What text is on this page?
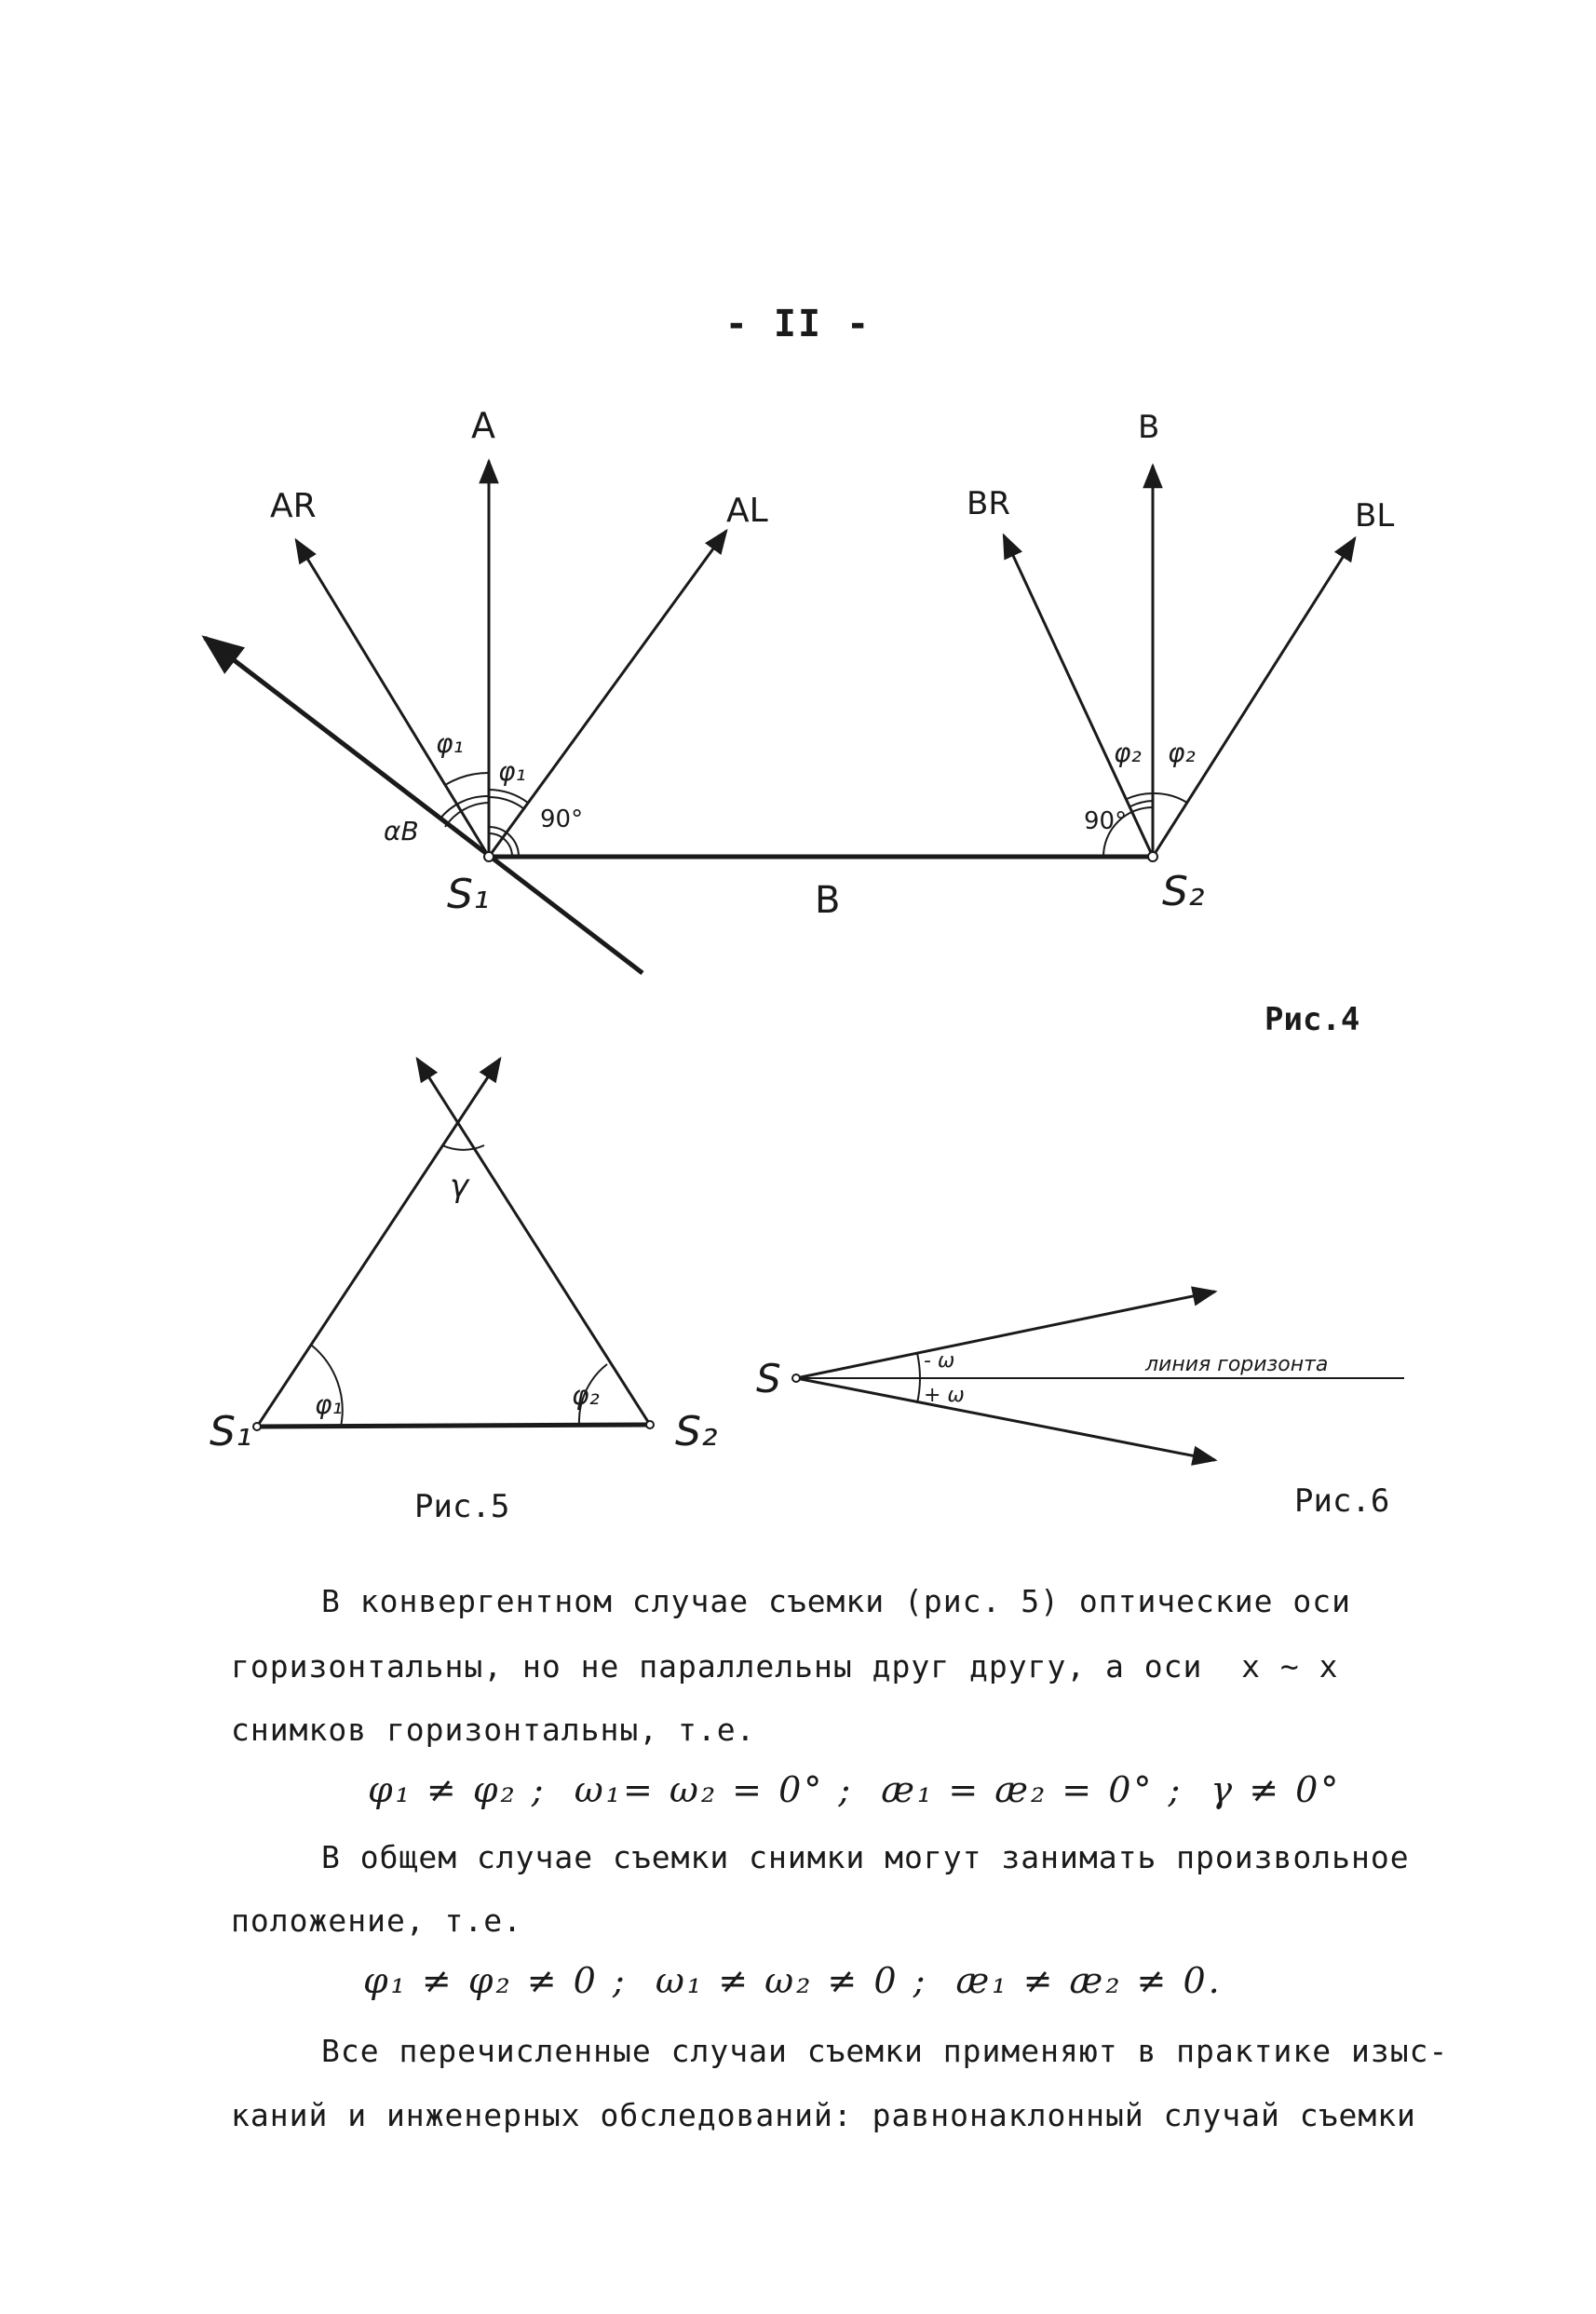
- II -
A
AR	AL
B
BR	BL
φ₁
φ₁
αB	90°
φ₂ φ₂
90°
S₁	S₂
B
Рис.4
γ
φ₁	φ₂
S₁	S₂
Рис.5
S	- ω
+ ω
линия горизонта
Рис.6
В конвергентном случае съемки (рис. 5) оптические оси
горизонтальны, но не параллельны друг другу, а оси  x ~ x
снимков горизонтальны, т.е.
φ₁ ≠ φ₂ ;  ω₁= ω₂ = 0° ;  æ₁ = æ₂ = 0° ;  γ ≠ 0°
В общем случае съемки снимки могут занимать произвольное
положение, т.е.
φ₁ ≠ φ₂ ≠ 0 ;  ω₁ ≠ ω₂ ≠ 0 ;  æ₁ ≠ æ₂ ≠ 0.
Все перечисленные случаи съемки применяют в практике изыс-
каний и инженерных обследований: равнонаклонный случай съемки
